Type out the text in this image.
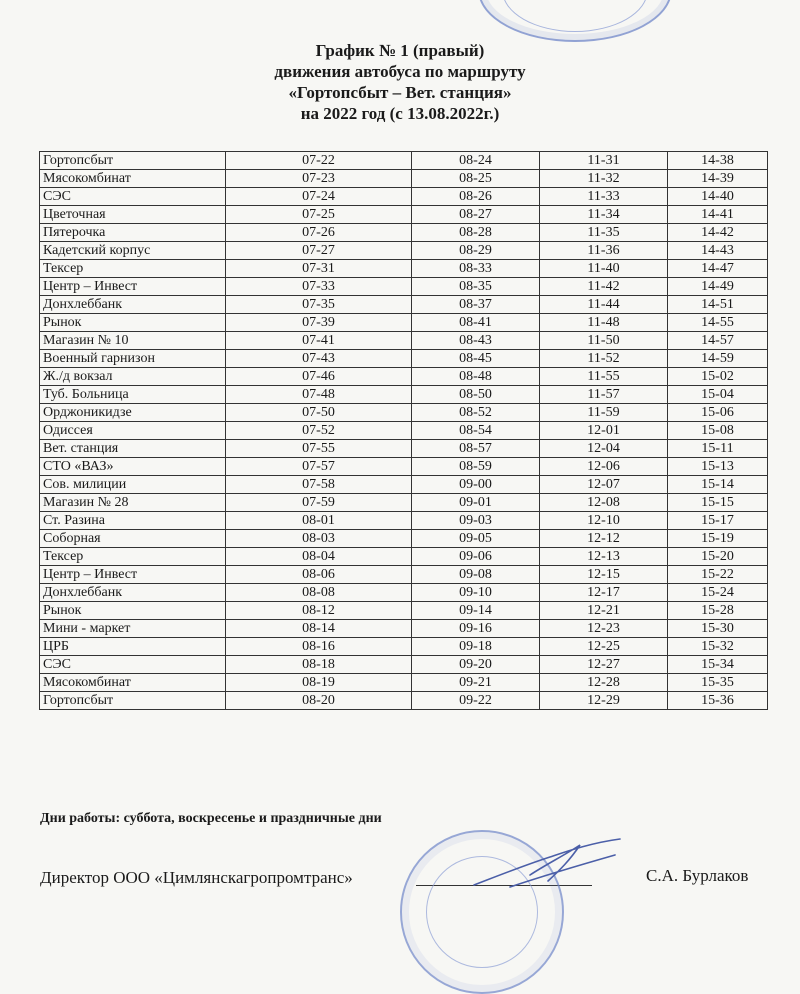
График № 1 (правый)
движения автобуса по маршруту
«Гортопсбыт – Вет. станция»
на 2022 год (с 13.08.2022г.)
Гортопсбыт	07-22	08-24	11-31	14-38
Мясокомбинат	07-23	08-25	11-32	14-39
СЭС	07-24	08-26	11-33	14-40
Цветочная	07-25	08-27	11-34	14-41
Пятерочка	07-26	08-28	11-35	14-42
Кадетский корпус	07-27	08-29	11-36	14-43
Тексер	07-31	08-33	11-40	14-47
Центр – Инвест	07-33	08-35	11-42	14-49
Донхлеббанк	07-35	08-37	11-44	14-51
Рынок	07-39	08-41	11-48	14-55
Магазин № 10	07-41	08-43	11-50	14-57
Военный гарнизон	07-43	08-45	11-52	14-59
Ж./д вокзал	07-46	08-48	11-55	15-02
Туб. Больница	07-48	08-50	11-57	15-04
Орджоникидзе	07-50	08-52	11-59	15-06
Одиссея	07-52	08-54	12-01	15-08
Вет. станция	07-55	08-57	12-04	15-11
СТО «ВАЗ»	07-57	08-59	12-06	15-13
Сов. милиции	07-58	09-00	12-07	15-14
Магазин № 28	07-59	09-01	12-08	15-15
Ст. Разина	08-01	09-03	12-10	15-17
Соборная	08-03	09-05	12-12	15-19
Тексер	08-04	09-06	12-13	15-20
Центр – Инвест	08-06	09-08	12-15	15-22
Донхлеббанк	08-08	09-10	12-17	15-24
Рынок	08-12	09-14	12-21	15-28
Мини - маркет	08-14	09-16	12-23	15-30
ЦРБ	08-16	09-18	12-25	15-32
СЭС	08-18	09-20	12-27	15-34
Мясокомбинат	08-19	09-21	12-28	15-35
Гортопсбыт	08-20	09-22	12-29	15-36
Дни работы: суббота, воскресенье и праздничные дни
Директор ООО «Цимлянскагропромтранс»	С.А. Бурлаков
